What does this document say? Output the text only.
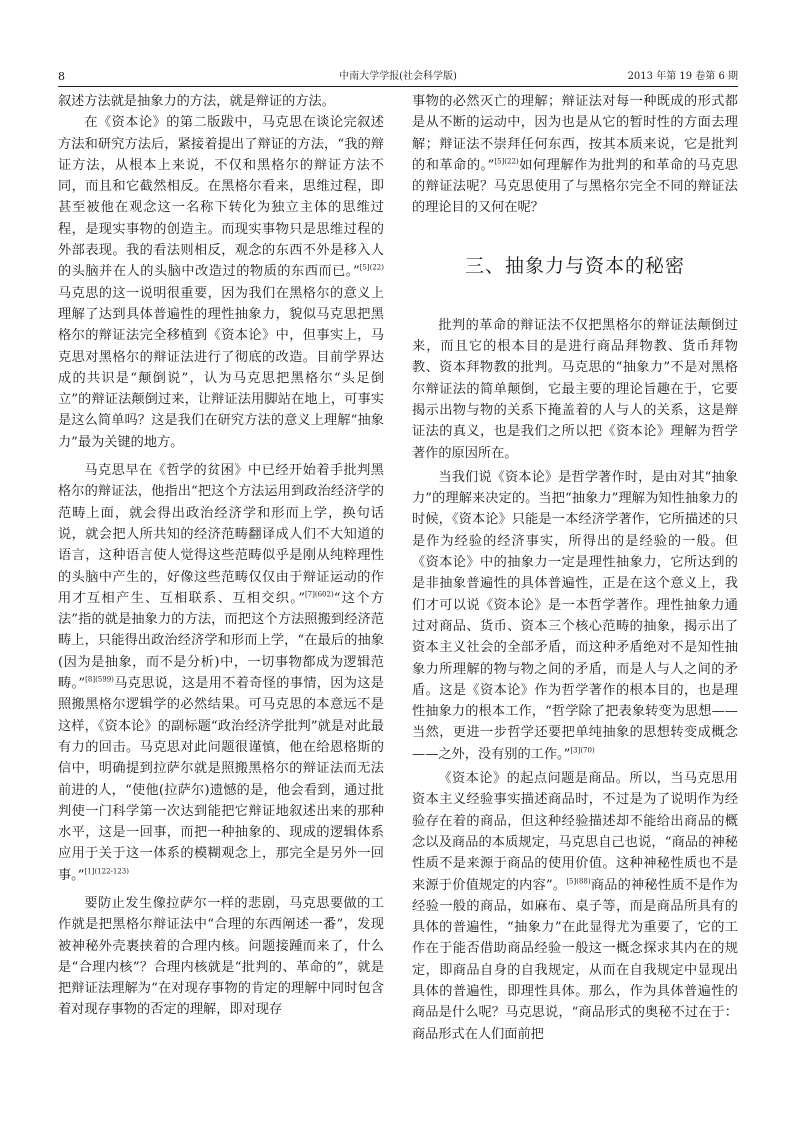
8	中南大学学报(社会科学版)	2013 年第 19 卷第 6 期

叙述方法就是抽象力的方法，就是辩证的方法。

在《资本论》的第二版跋中，马克思在谈论完叙述方法和研究方法后，紧接着提出了辩证的方法，“我的辩证方法，从根本上来说，不仅和黑格尔的辩证方法不同，而且和它截然相反。在黑格尔看来，思维过程，即甚至被他在观念这一名称下转化为独立主体的思维过程，是现实事物的创造主。而现实事物只是思维过程的外部表现。我的看法则相反，观念的东西不外是移入人的头脑并在人的头脑中改造过的物质的东西而已。”$^{[5](22)}$马克思的这一说明很重要，因为我们在黑格尔的意义上理解了达到具体普遍性的理性抽象力，貌似马克思把黑格尔的辩证法完全移植到《资本论》中，但事实上，马克思对黑格尔的辩证法进行了彻底的改造。目前学界达成的共识是“颠倒说”，认为马克思把黑格尔“头足倒立”的辩证法颠倒过来，让辩证法用脚站在地上，可事实是这么简单吗？这是我们在研究方法的意义上理解“抽象力”最为关键的地方。

马克思早在《哲学的贫困》中已经开始着手批判黑格尔的辩证法，他指出“把这个方法运用到政治经济学的范畴上面，就会得出政治经济学和形而上学，换句话说，就会把人所共知的经济范畴翻译成人们不大知道的语言，这种语言使人觉得这些范畴似乎是刚从纯粹理性的头脑中产生的，好像这些范畴仅仅由于辩证运动的作用才互相产生、互相联系、互相交织。”$^{[7](602)}$“这个方法”指的就是抽象力的方法，而把这个方法照搬到经济范畴上，只能得出政治经济学和形而上学，“在最后的抽象(因为是抽象，而不是分析)中，一切事物都成为逻辑范畴。”$^{[8](599)}$马克思说，这是用不着奇怪的事情，因为这是照搬黑格尔逻辑学的必然结果。可马克思的本意远不是这样，《资本论》的副标题“政治经济学批判”就是对此最有力的回击。马克思对此问题很谨慎，他在给恩格斯的信中，明确提到拉萨尔就是照搬黑格尔的辩证法而无法前进的人，“使他(拉萨尔)遗憾的是，他会看到，通过批判使一门科学第一次达到能把它辩证地叙述出来的那种水平，这是一回事，而把一种抽象的、现成的逻辑体系应用于关于这一体系的模糊观念上，那完全是另外一回事。”$^{[1](122-123)}$

要防止发生像拉萨尔一样的悲剧，马克思要做的工作就是把黑格尔辩证法中“合理的东西阐述一番”，发现被神秘外壳裹挟着的合理内核。问题接踵而来了，什么是“合理内核”？合理内核就是“批判的、革命的”，就是把辩证法理解为“在对现存事物的肯定的理解中同时包含着对现存事物的否定的理解，即对现存

事物的必然灭亡的理解；辩证法对每一种既成的形式都是从不断的运动中，因为也是从它的暂时性的方面去理解；辩证法不崇拜任何东西，按其本质来说，它是批判的和革命的。”$^{[5](22)}$如何理解作为批判的和革命的马克思的辩证法呢？马克思使用了与黑格尔完全不同的辩证法的理论目的又何在呢？

三、抽象力与资本的秘密

批判的革命的辩证法不仅把黑格尔的辩证法颠倒过来，而且它的根本目的是进行商品拜物教、货币拜物教、资本拜物教的批判。马克思的“抽象力”不是对黑格尔辩证法的简单颠倒，它最主要的理论旨趣在于，它要揭示出物与物的关系下掩盖着的人与人的关系，这是辩证法的真义，也是我们之所以把《资本论》理解为哲学著作的原因所在。

当我们说《资本论》是哲学著作时，是由对其“抽象力”的理解来决定的。当把“抽象力”理解为知性抽象力的时候，《资本论》只能是一本经济学著作，它所描述的只是作为经验的经济事实，所得出的是经验的一般。但《资本论》中的抽象力一定是理性抽象力，它所达到的是非抽象普遍性的具体普遍性，正是在这个意义上，我们才可以说《资本论》是一本哲学著作。理性抽象力通过对商品、货币、资本三个核心范畴的抽象，揭示出了资本主义社会的全部矛盾，而这种矛盾绝对不是知性抽象力所理解的物与物之间的矛盾，而是人与人之间的矛盾。这是《资本论》作为哲学著作的根本目的，也是理性抽象力的根本工作，“哲学除了把表象转变为思想——当然，更进一步哲学还要把单纯抽象的思想转变成概念——之外，没有别的工作。”$^{[3](70)}$

《资本论》的起点问题是商品。所以，当马克思用资本主义经验事实描述商品时，不过是为了说明作为经验存在着的商品，但这种经验描述却不能给出商品的概念以及商品的本质规定，马克思自己也说，“商品的神秘性质不是来源于商品的使用价值。这种神秘性质也不是来源于价值规定的内容”。$^{[5](88)}$商品的神秘性质不是作为经验一般的商品，如麻布、桌子等，而是商品所具有的具体的普遍性，“抽象力”在此显得尤为重要了，它的工作在于能否借助商品经验一般这一概念探求其内在的规定，即商品自身的自我规定，从而在自我规定中显现出具体的普遍性，即理性具体。那么，作为具体普遍性的商品是什么呢？马克思说，“商品形式的奥秘不过在于：商品形式在人们面前把
